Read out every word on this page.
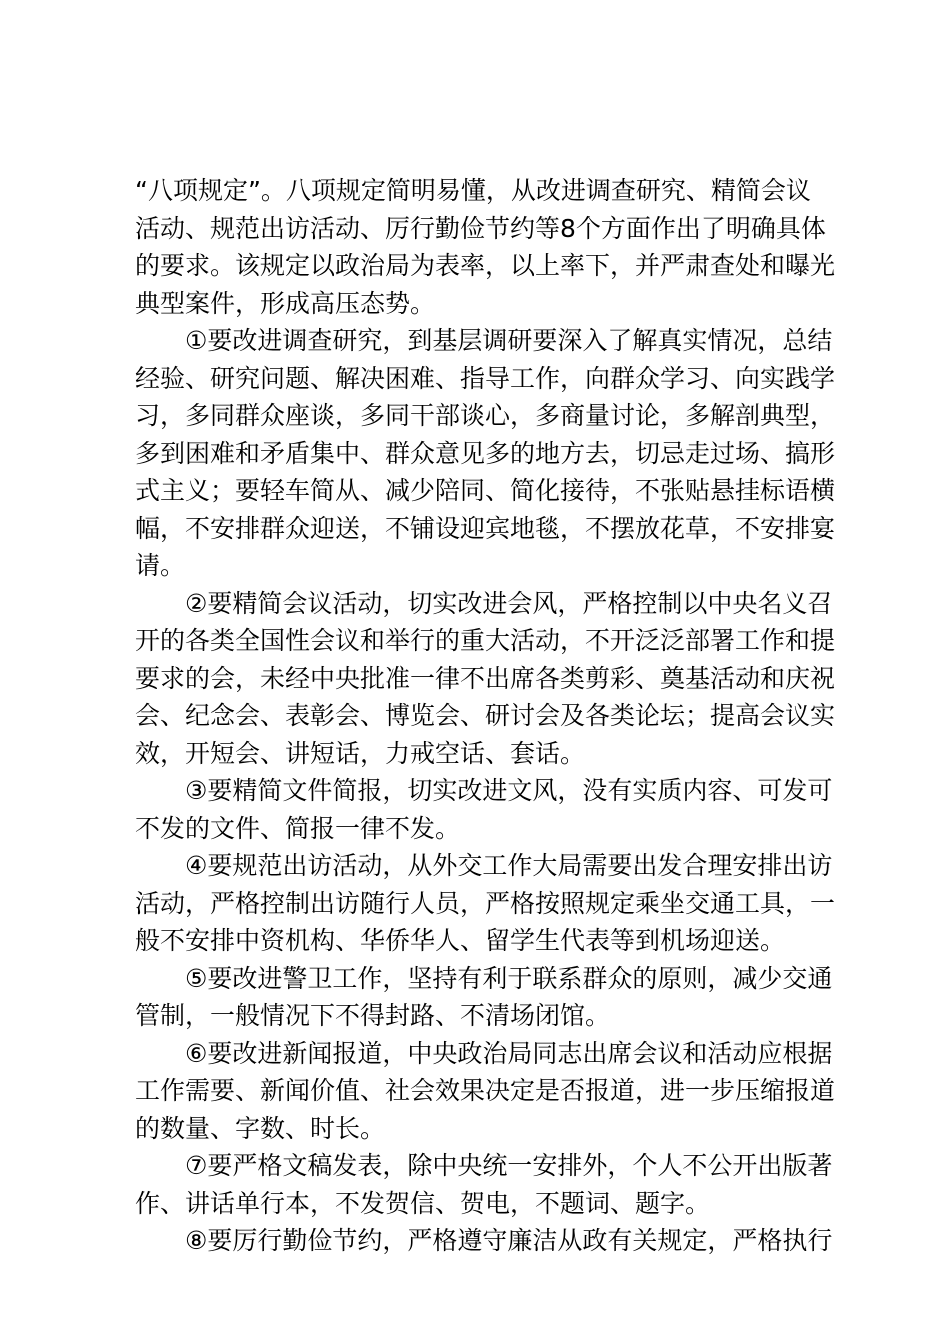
“八项规定”。八项规定简明易懂，从改进调查研究、精简会议
活动、规范出访活动、厉行勤俭节约等8个方面作出了明确具体
的要求。该规定以政治局为表率，以上率下，并严肃查处和曝光
典型案件，形成高压态势。
①要改进调查研究，到基层调研要深入了解真实情况，总结
经验、研究问题、解决困难、指导工作，向群众学习、向实践学
习，多同群众座谈，多同干部谈心，多商量讨论，多解剖典型，
多到困难和矛盾集中、群众意见多的地方去，切忌走过场、搞形
式主义；要轻车简从、减少陪同、简化接待，不张贴悬挂标语横
幅，不安排群众迎送，不铺设迎宾地毯，不摆放花草，不安排宴
请。
②要精简会议活动，切实改进会风，严格控制以中央名义召
开的各类全国性会议和举行的重大活动，不开泛泛部署工作和提
要求的会，未经中央批准一律不出席各类剪彩、奠基活动和庆祝
会、纪念会、表彰会、博览会、研讨会及各类论坛；提高会议实
效，开短会、讲短话，力戒空话、套话。
③要精简文件简报，切实改进文风，没有实质内容、可发可
不发的文件、简报一律不发。
④要规范出访活动，从外交工作大局需要出发合理安排出访
活动，严格控制出访随行人员，严格按照规定乘坐交通工具，一
般不安排中资机构、华侨华人、留学生代表等到机场迎送。
⑤要改进警卫工作，坚持有利于联系群众的原则，减少交通
管制，一般情况下不得封路、不清场闭馆。
⑥要改进新闻报道，中央政治局同志出席会议和活动应根据
工作需要、新闻价值、社会效果决定是否报道，进一步压缩报道
的数量、字数、时长。
⑦要严格文稿发表，除中央统一安排外，个人不公开出版著
作、讲话单行本，不发贺信、贺电，不题词、题字。
⑧要厉行勤俭节约，严格遵守廉洁从政有关规定，严格执行
